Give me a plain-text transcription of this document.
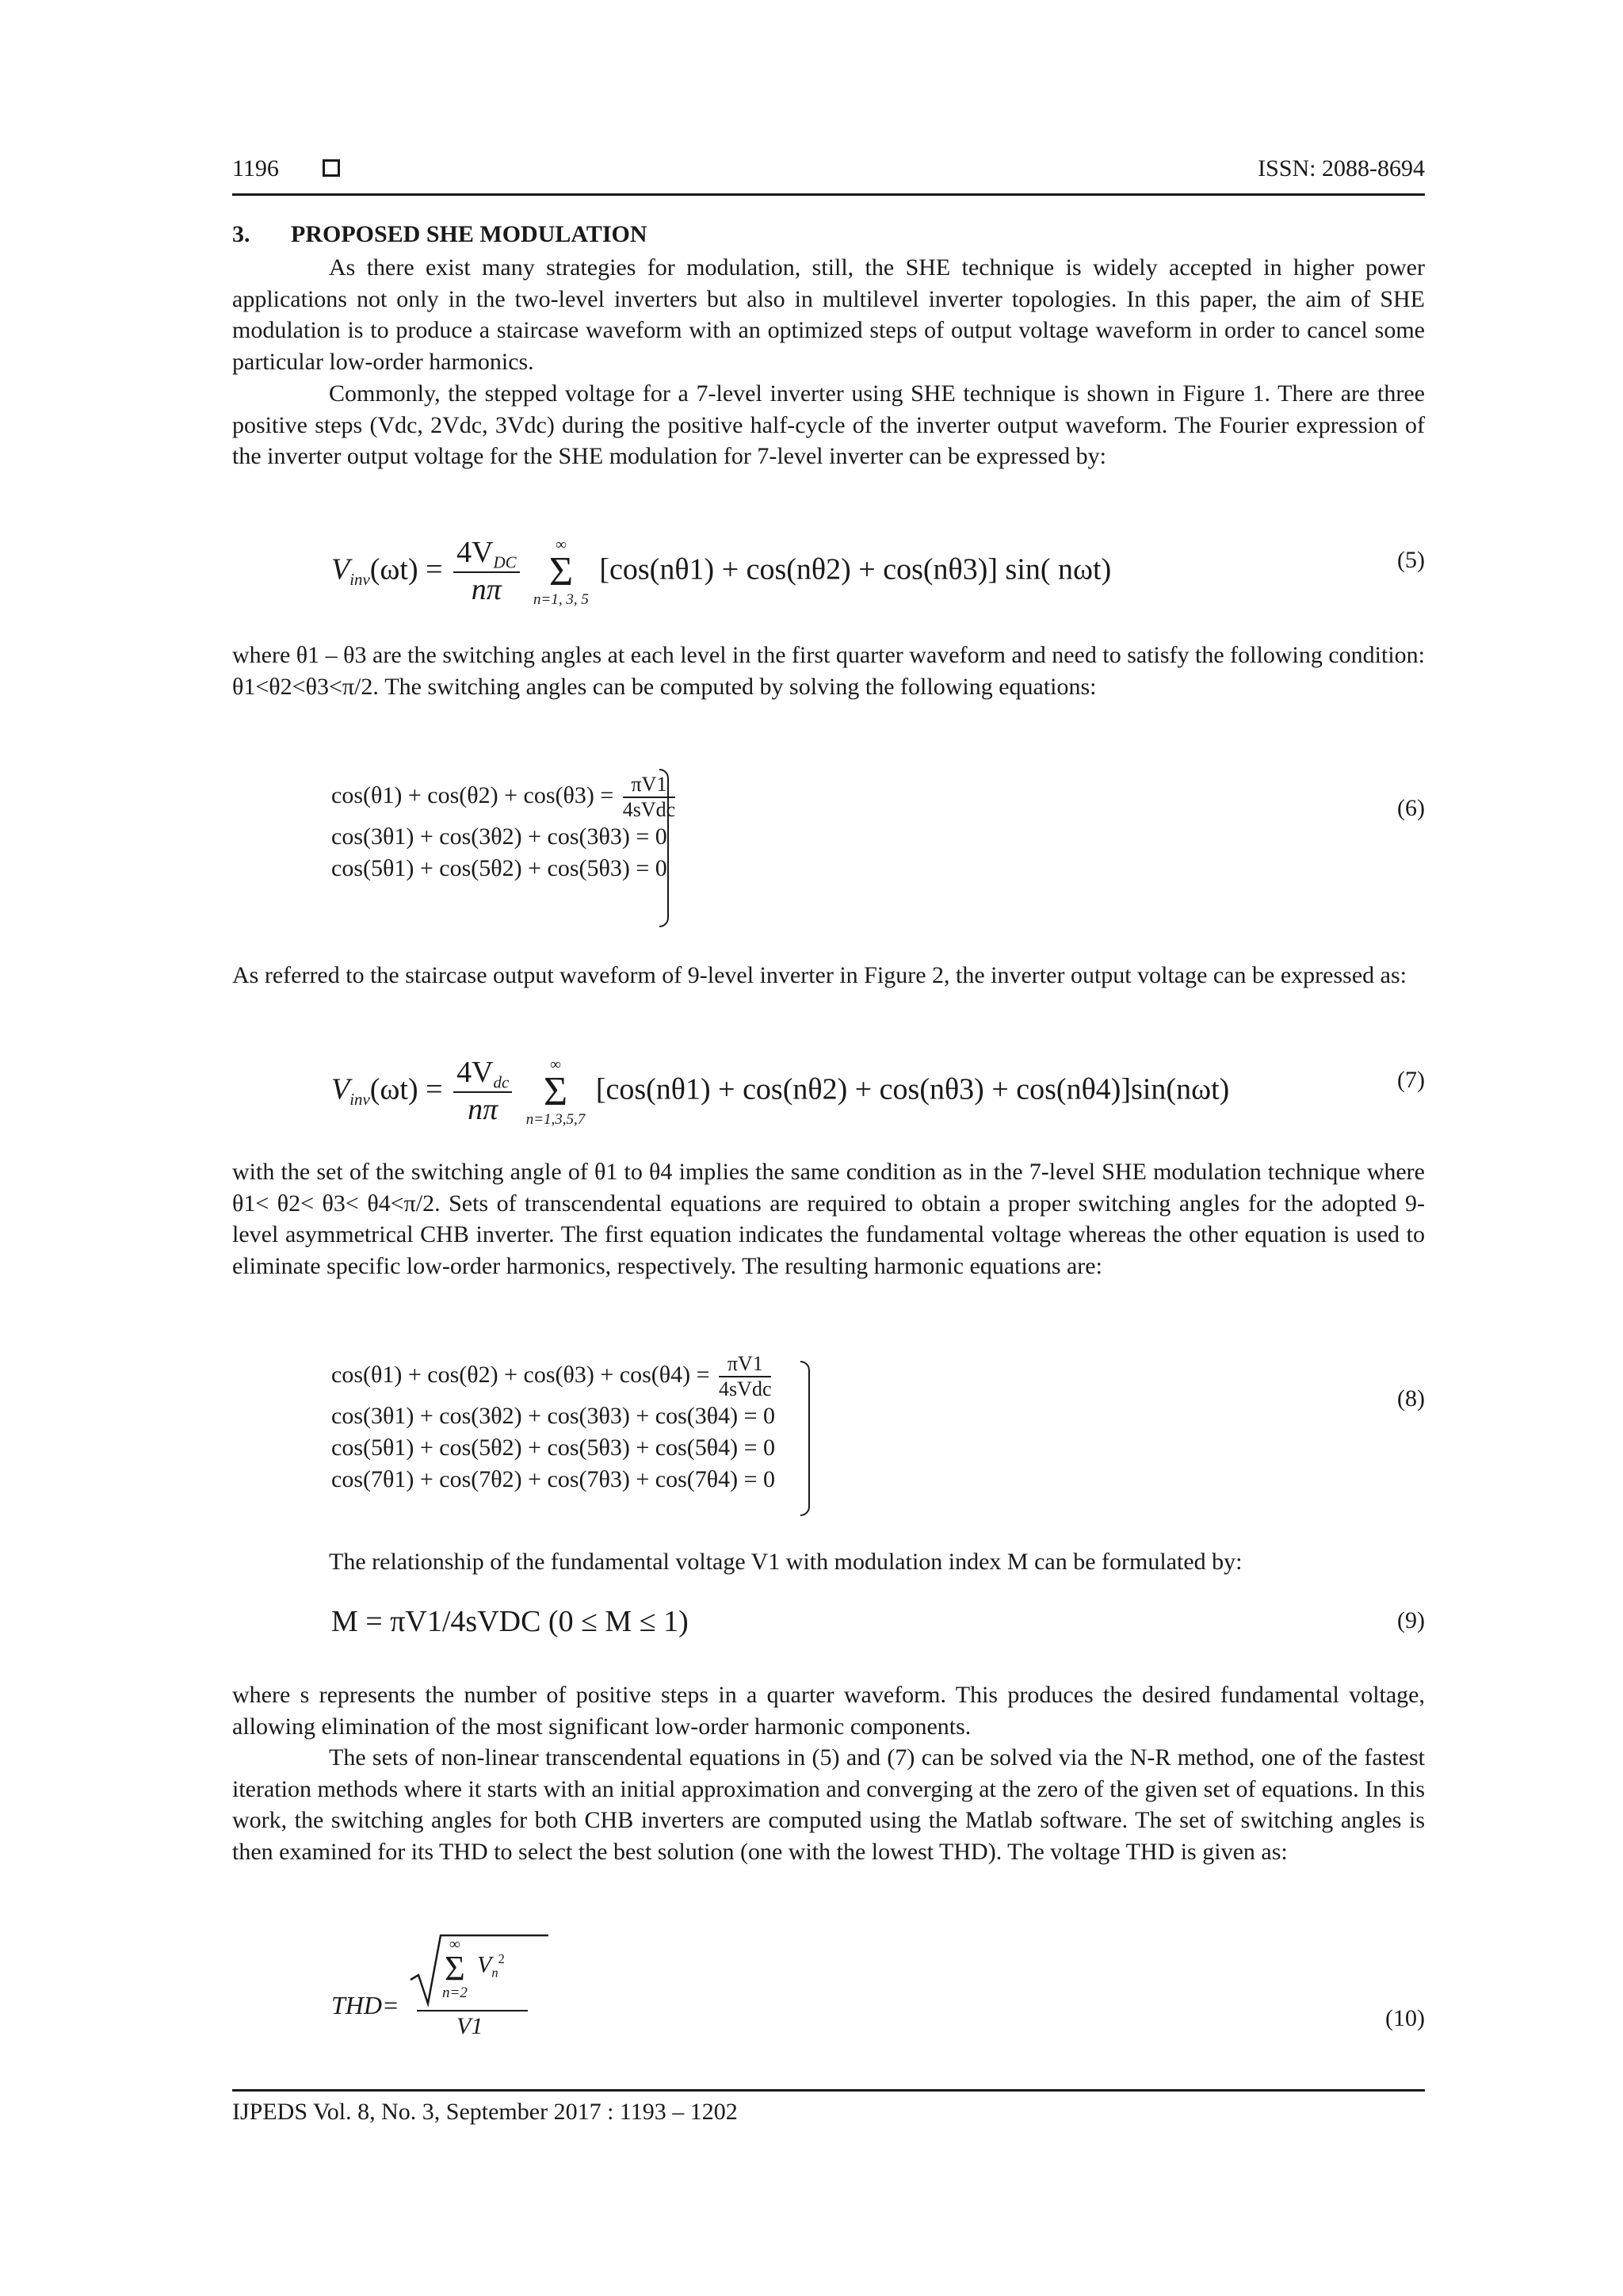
1196	ISSN: 2088-8694
3. PROPOSED SHE MODULATION

As there exist many strategies for modulation, still, the SHE technique is widely accepted in higher power applications not only in the two-level inverters but also in multilevel inverter topologies. In this paper, the aim of SHE modulation is to produce a staircase waveform with an optimized steps of output voltage waveform in order to cancel some particular low-order harmonics.

Commonly, the stepped voltage for a 7-level inverter using SHE technique is shown in Figure 1. There are three positive steps (Vdc, 2Vdc, 3Vdc) during the positive half-cycle of the inverter output waveform. The Fourier expression of the inverter output voltage for the SHE modulation for 7-level inverter can be expressed by:

$V_{inv}(\omega t) = \frac{4V_{DC}}{n\pi}$
	∞
Σ
n=1, 3, 5
[cos(nθ1) + cos(nθ2) + cos(nθ3)] sin( nωt)	(5)

where θ1 – θ3 are the switching angles at each level in the first quarter waveform and need to satisfy the following condition: θ1<θ2<θ3<π/2. The switching angles can be computed by solving the following equations:

$\cos(\theta 1) + \cos(\theta 2) + \cos(\theta 3) = \frac{\pi V1}{\text{4sVdc}}$
cos(3θ1) + cos(3θ2) + cos(3θ3) = 0
cos(5θ1) + cos(5θ2) + cos(5θ3) = 0
(6)

As referred to the staircase output waveform of 9-level inverter in Figure 2, the inverter output voltage can be expressed as:

$V_{inv}(\omega t) = \frac{4V_{dc}}{n\pi}$
	∞
Σ
n=1,3,5,7
[cos(nθ1) + cos(nθ2) + cos(nθ3) + cos(nθ4)]sin(nωt)	(7)

with the set of the switching angle of θ1 to θ4 implies the same condition as in the 7-level SHE modulation technique where θ1< θ2< θ3< θ4<π/2. Sets of transcendental equations are required to obtain a proper switching angles for the adopted 9-level asymmetrical CHB inverter. The first equation indicates the fundamental voltage whereas the other equation is used to eliminate specific low-order harmonics, respectively. The resulting harmonic equations are:

$\cos(\theta 1) + \cos(\theta 2) + \cos(\theta 3) + \cos(\theta 4) = \frac{\pi V1}{\text{4sVdc}}$
cos(3θ1) + cos(3θ2) + cos(3θ3) + cos(3θ4) = 0
cos(5θ1) + cos(5θ2) + cos(5θ3) + cos(5θ4) = 0
cos(7θ1) + cos(7θ2) + cos(7θ3) + cos(7θ4) = 0
(8)
The relationship of the fundamental voltage V1 with modulation index M can be formulated by:
M = πV1/4sVDC (0 ≤ M ≤ 1)	(9)

where s represents the number of positive steps in a quarter waveform. This produces the desired fundamental voltage, allowing elimination of the most significant low-order harmonic components.

The sets of non-linear transcendental equations in (5) and (7) can be solved via the N-R method, one of the fastest iteration methods where it starts with an initial approximation and converging at the zero of the given set of equations. In this work, the switching angles for both CHB inverters are computed using the Matlab software. The set of switching angles is then examined for its THD to select the best solution (one with the lowest THD). The voltage THD is given as:

THD=
∞
Σ
n=2
$V_n^2$
V1	(10)
IJPEDS Vol. 8, No. 3, September 2017 : 1193 – 1202
